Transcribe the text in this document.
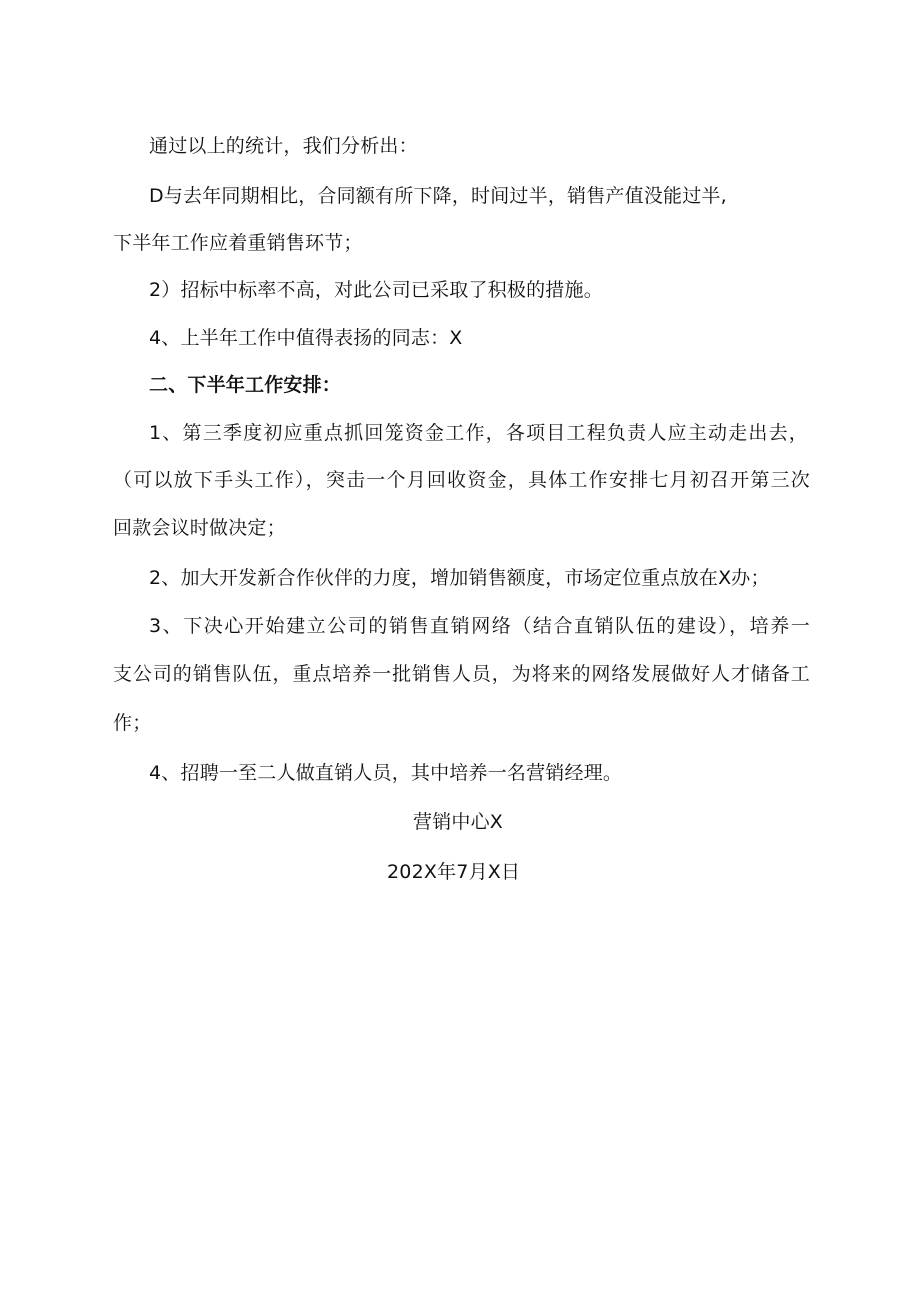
通过以上的统计，我们分析出：
D与去年同期相比，合同额有所下降，时间过半，销售产值没能过半,
下半年工作应着重销售环节；
2）招标中标率不高，对此公司已采取了积极的措施。
4、上半年工作中值得表扬的同志：X
二、下半年工作安排：
1、第三季度初应重点抓回笼资金工作，各项目工程负责人应主动走出去，
（可以放下手头工作），突击一个月回收资金，具体工作安排七月初召开第三次
回款会议时做决定；
2、加大开发新合作伙伴的力度，增加销售额度，市场定位重点放在X办；
3、下决心开始建立公司的销售直销网络（结合直销队伍的建设），培养一
支公司的销售队伍，重点培养一批销售人员，为将来的网络发展做好人才储备工
作；
4、招聘一至二人做直销人员，其中培养一名营销经理。
营销中心X
202X年7月X日
